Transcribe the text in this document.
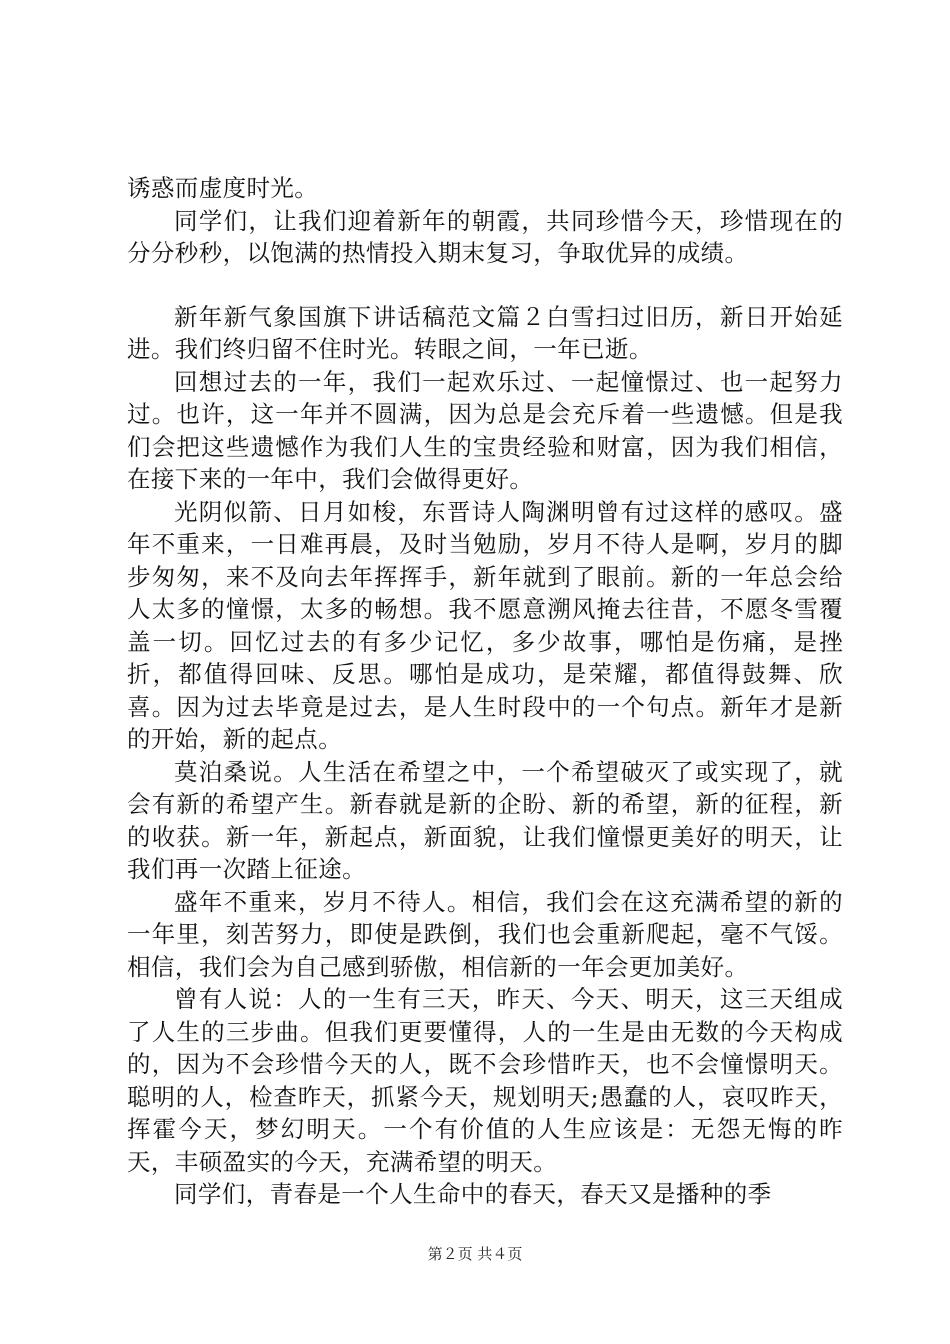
诱惑而虚度时光。

同学们，让我们迎着新年的朝霞，共同珍惜今天，珍惜现在的分分秒秒，以饱满的热情投入期末复习，争取优异的成绩。

新年新气象国旗下讲话稿范文篇２白雪扫过旧历，新日开始延进。我们终归留不住时光。转眼之间，一年已逝。

回想过去的一年，我们一起欢乐过、一起憧憬过、也一起努力过。也许，这一年并不圆满，因为总是会充斥着一些遗憾。但是我们会把这些遗憾作为我们人生的宝贵经验和财富，因为我们相信，在接下来的一年中，我们会做得更好。

光阴似箭、日月如梭，东晋诗人陶渊明曾有过这样的感叹。盛年不重来，一日难再晨，及时当勉励，岁月不待人是啊，岁月的脚步匆匆，来不及向去年挥挥手，新年就到了眼前。新的一年总会给人太多的憧憬，太多的畅想。我不愿意溯风掩去往昔，不愿冬雪覆盖一切。回忆过去的有多少记忆，多少故事，哪怕是伤痛，是挫折，都值得回味、反思。哪怕是成功，是荣耀，都值得鼓舞、欣喜。因为过去毕竟是过去，是人生时段中的一个句点。新年才是新的开始，新的起点。

莫泊桑说。人生活在希望之中，一个希望破灭了或实现了，就会有新的希望产生。新春就是新的企盼、新的希望，新的征程，新的收获。新一年，新起点，新面貌，让我们憧憬更美好的明天，让我们再一次踏上征途。

盛年不重来，岁月不待人。相信，我们会在这充满希望的新的一年里，刻苦努力，即使是跌倒，我们也会重新爬起，毫不气馁。相信，我们会为自己感到骄傲，相信新的一年会更加美好。

曾有人说：人的一生有三天，昨天、今天、明天，这三天组成了人生的三步曲。但我们更要懂得，人的一生是由无数的今天构成的，因为不会珍惜今天的人，既不会珍惜昨天，也不会憧憬明天。聪明的人，检查昨天，抓紧今天，规划明天;愚蠢的人，哀叹昨天，挥霍今天，梦幻明天。一个有价值的人生应该是：无怨无悔的昨天，丰硕盈实的今天，充满希望的明天。

同学们，青春是一个人生命中的春天，春天又是播种的季

第２页 共４页
